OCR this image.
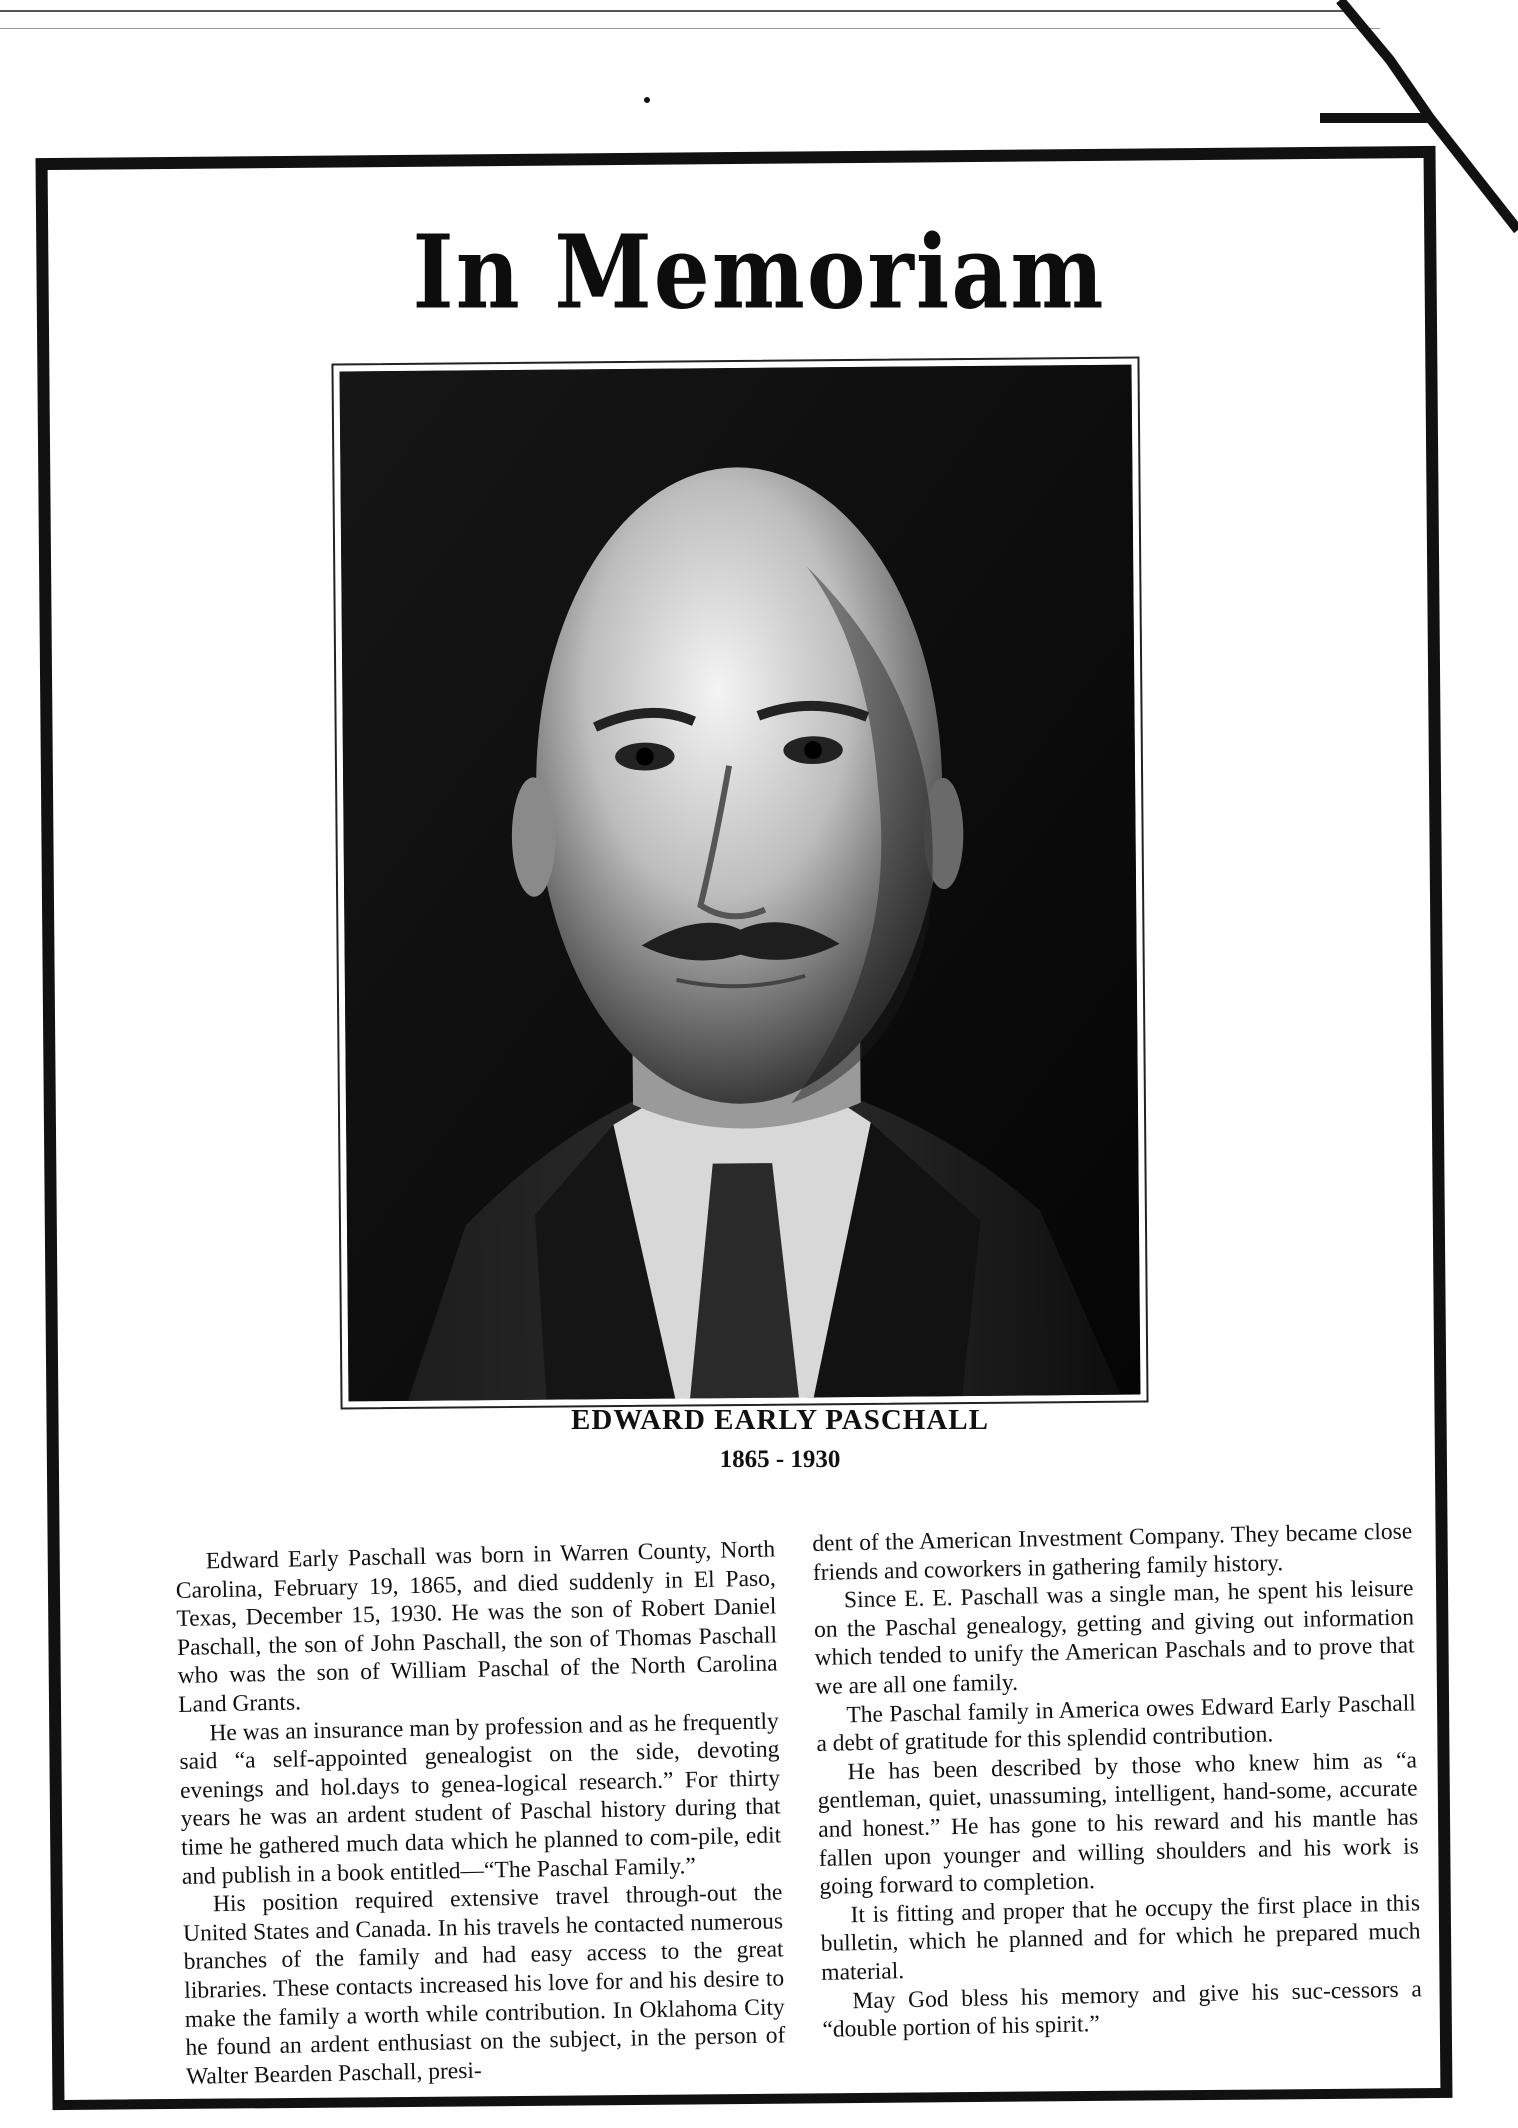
In Memoriam
EDWARD EARLY PASCHALL
1865 - 1930

Edward Early Paschall was born in Warren County, North Carolina, February 19, 1865, and died suddenly in El Paso, Texas, December 15, 1930. He was the son of Robert Daniel Paschall, the son of John Paschall, the son of Thomas Paschall who was the son of William Paschal of the North Carolina Land Grants.

He was an insurance man by profession and as he frequently said “a self-appointed genealogist on the side, devoting evenings and hol.days to genea-logical research.” For thirty years he was an ardent student of Paschal history during that time he gathered much data which he planned to com-pile, edit and publish in a book entitled—“The Paschal Family.”

His position required extensive travel through-out the United States and Canada. In his travels he contacted numerous branches of the family and had easy access to the great libraries. These contacts increased his love for and his desire to make the family a worth while contribution. In Oklahoma City he found an ardent enthusiast on the subject, in the person of Walter Bearden Paschall, presi-

dent of the American Investment Company. They became close friends and coworkers in gathering family history.

Since E. E. Paschall was a single man, he spent his leisure on the Paschal genealogy, getting and giving out information which tended to unify the American Paschals and to prove that we are all one family.

The Paschal family in America owes Edward Early Paschall a debt of gratitude for this splendid contribution.

He has been described by those who knew him as “a gentleman, quiet, unassuming, intelligent, hand-some, accurate and honest.” He has gone to his reward and his mantle has fallen upon younger and willing shoulders and his work is going forward to completion.

It is fitting and proper that he occupy the first place in this bulletin, which he planned and for which he prepared much material.

May God bless his memory and give his suc-cessors a “double portion of his spirit.”
